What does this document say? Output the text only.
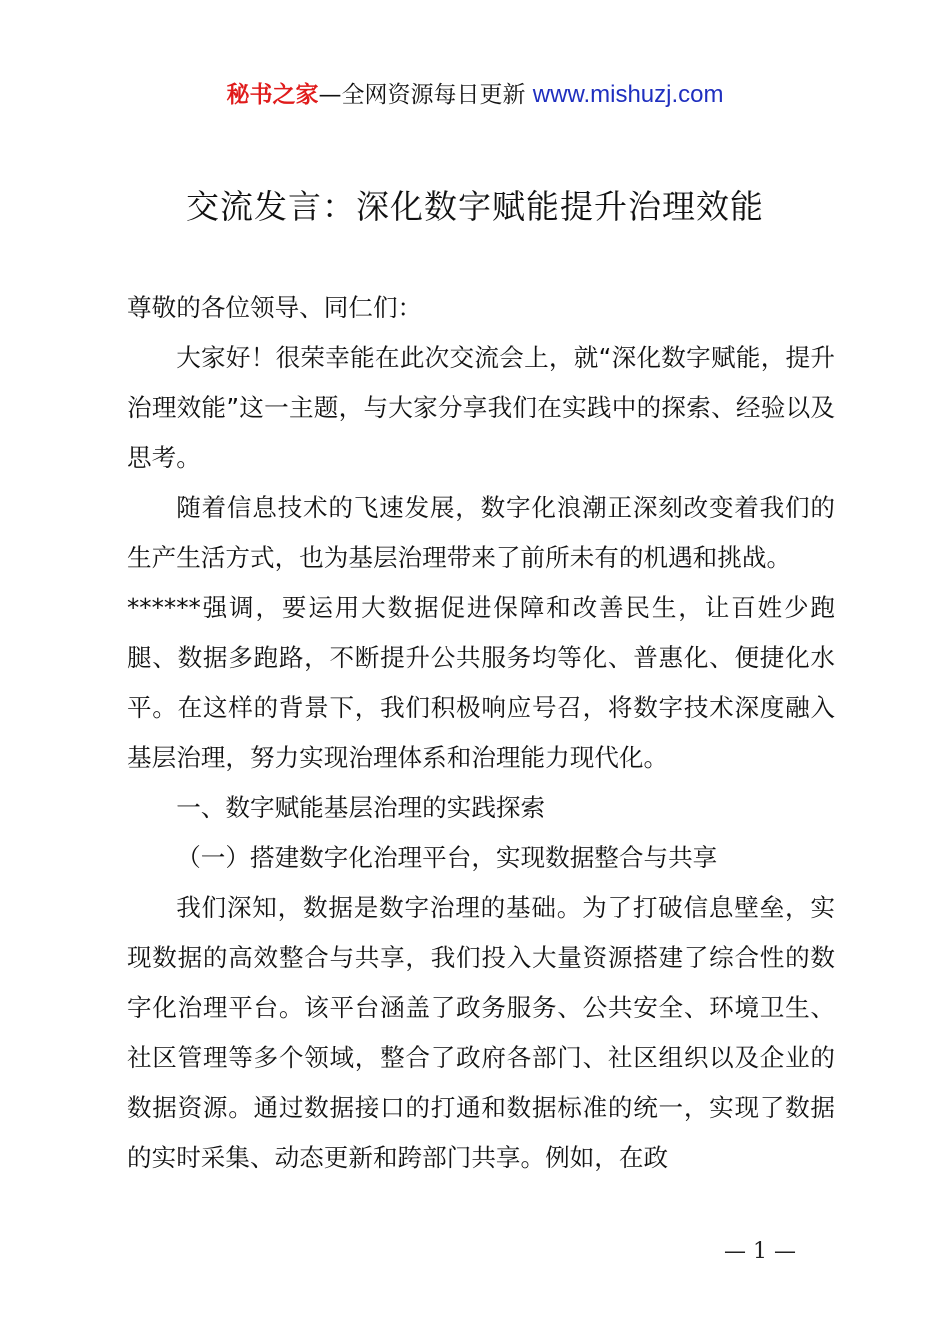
秘书之家—全网资源每日更新 www.mishuzj.com
交流发言：深化数字赋能提升治理效能

尊敬的各位领导、同仁们：

大家好！很荣幸能在此次交流会上，就“深化数字赋能，提升治理效能”这一主题，与大家分享我们在实践中的探索、经验以及思考。

随着信息技术的飞速发展，数字化浪潮正深刻改变着我们的生产生活方式，也为基层治理带来了前所未有的机遇和挑战。

******强调，要运用大数据促进保障和改善民生，让百姓少跑腿、数据多跑路，不断提升公共服务均等化、普惠化、便捷化水平。在这样的背景下，我们积极响应号召，将数字技术深度融入基层治理，努力实现治理体系和治理能力现代化。

一、数字赋能基层治理的实践探索

（一）搭建数字化治理平台，实现数据整合与共享

我们深知，数据是数字治理的基础。为了打破信息壁垒，实现数据的高效整合与共享，我们投入大量资源搭建了综合性的数字化治理平台。该平台涵盖了政务服务、公共安全、环境卫生、社区管理等多个领域，整合了政府各部门、社区组织以及企业的数据资源。通过数据接口的打通和数据标准的统一，实现了数据的实时采集、动态更新和跨部门共享。例如，在政

— 1 —
